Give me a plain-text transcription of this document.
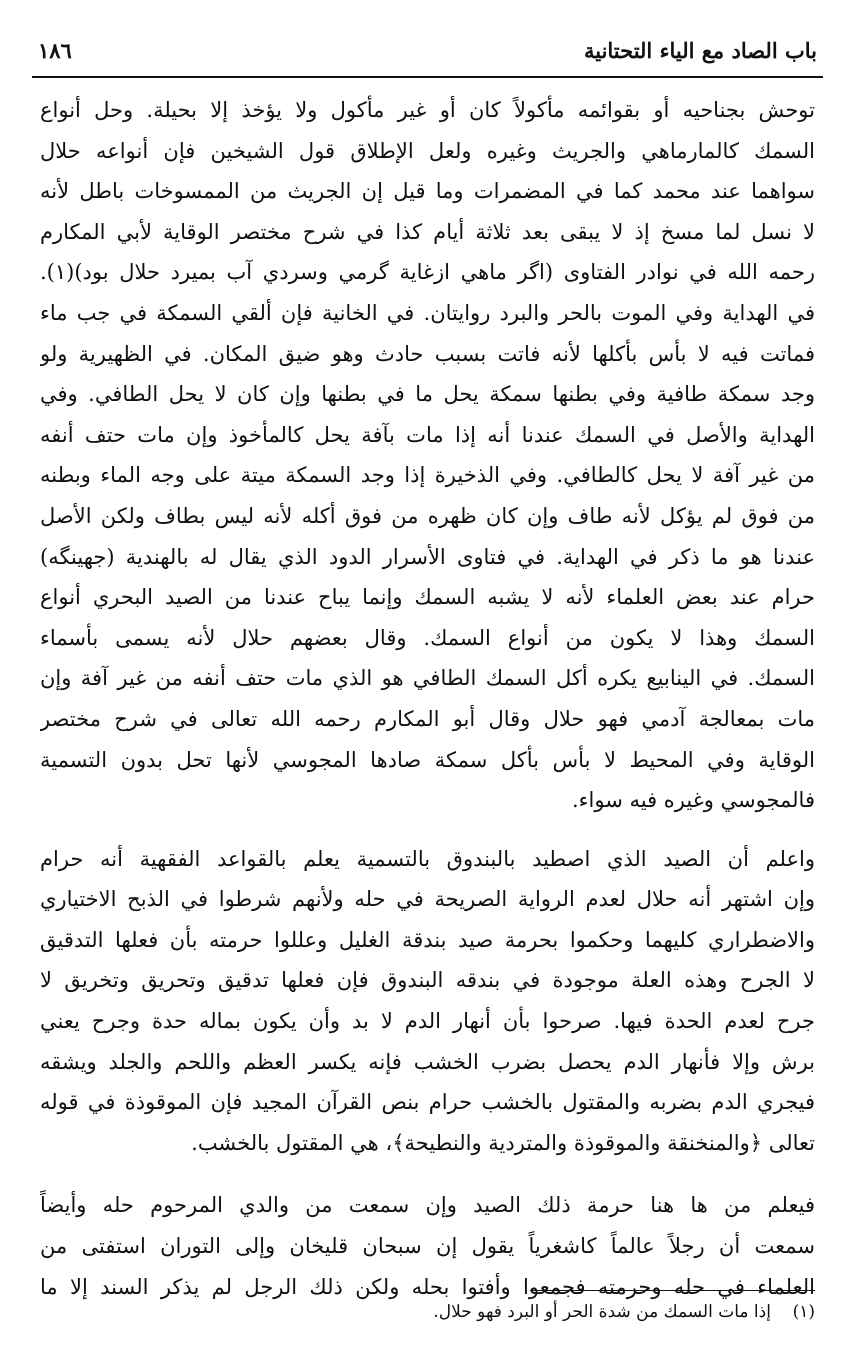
١٨٦	باب الصاد مع الياء التحتانية
توحش بجناحيه أو بقوائمه مأكولاً كان أو غير مأكول ولا يؤخذ إلا بحيلة. وحل أنواع
السمك كالمارماهي والجريث وغيره ولعل الإطلاق قول الشيخين فإن أنواعه حلال
سواهما عند محمد كما في المضمرات وما قيل إن الجريث من الممسوخات باطل لأنه
لا نسل لما مسخ إذ لا يبقى بعد ثلاثة أيام كذا في شرح مختصر الوقاية لأبي المكارم
رحمه الله في نوادر الفتاوى (اگر ماهي ازغاية گرمي وسردي آب بميرد حلال بود)(١).
في الهداية وفي الموت بالحر والبرد روايتان. في الخانية فإن ألقي السمكة في جب ماء
فماتت فيه لا بأس بأكلها لأنه فاتت بسبب حادث وهو ضيق المكان. في الظهيرية ولو
وجد سمكة طافية وفي بطنها سمكة يحل ما في بطنها وإن كان لا يحل الطافي. وفي
الهداية والأصل في السمك عندنا أنه إذا مات بآفة يحل كالمأخوذ وإن مات حتف أنفه
من غير آفة لا يحل كالطافي. وفي الذخيرة إذا وجد السمكة ميتة على وجه الماء وبطنه
من فوق لم يؤكل لأنه طاف وإن كان ظهره من فوق أكله لأنه ليس بطاف ولكن الأصل
عندنا هو ما ذكر في الهداية. في فتاوى الأسرار الدود الذي يقال له بالهندية (جهينگه)
حرام عند بعض العلماء لأنه لا يشبه السمك وإنما يباح عندنا من الصيد البحري أنواع
السمك وهذا لا يكون من أنواع السمك. وقال بعضهم حلال لأنه يسمى بأسماء
السمك. في الينابيع يكره أكل السمك الطافي هو الذي مات حتف أنفه من غير آفة وإن
مات بمعالجة آدمي فهو حلال وقال أبو المكارم رحمه الله تعالى في شرح مختصر
الوقاية وفي المحيط لا بأس بأكل سمكة صادها المجوسي لأنها تحل بدون التسمية
فالمجوسي وغيره فيه سواء.
واعلم أن الصيد الذي اصطيد بالبندوق بالتسمية يعلم بالقواعد الفقهية أنه حرام
وإن اشتهر أنه حلال لعدم الرواية الصريحة في حله ولأنهم شرطوا في الذبح الاختياري
والاضطراري كليهما وحكموا بحرمة صيد بندقة الغليل وعللوا حرمته بأن فعلها التدقيق
لا الجرح وهذه العلة موجودة في بندقه البندوق فإن فعلها تدقيق وتحريق وتخريق لا
جرح لعدم الحدة فيها. صرحوا بأن أنهار الدم لا بد وأن يكون بماله حدة وجرح يعني
برش وإلا فأنهار الدم يحصل بضرب الخشب فإنه يكسر العظم واللحم والجلد ويشقه
فيجري الدم بضربه والمقتول بالخشب حرام بنص القرآن المجيد فإن الموقوذة في قوله
تعالى ﴿والمنخنقة والموقوذة والمتردية والنطيحة﴾، هي المقتول بالخشب.
فيعلم من ها هنا حرمة ذلك الصيد وإن سمعت من والدي المرحوم حله وأيضاً
سمعت أن رجلاً عالماً كاشغرياً يقول إن سبحان قليخان وإلى التوران استفتى من
العلماء في حله وحرمته فجمعوا وأفتوا بحله ولكن ذلك الرجل لم يذكر السند إلا ما
(١)    إذا مات السمك من شدة الحر أو البرد فهو حلال.
